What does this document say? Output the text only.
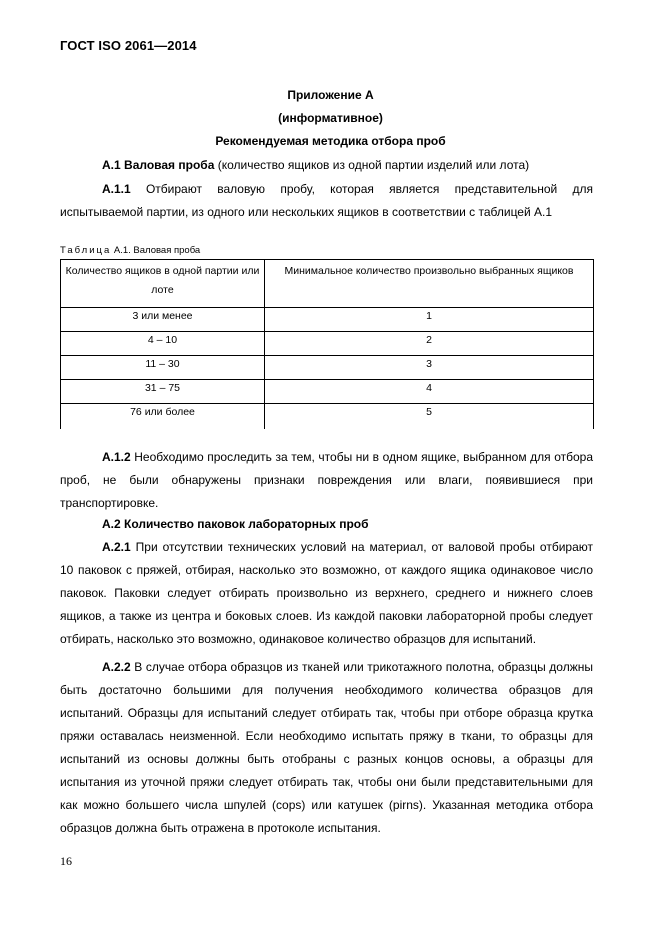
ГОСТ ISO 2061—2014
Приложение А
(информативное)
Рекомендуемая методика отбора проб
А.1 Валовая проба (количество ящиков из одной партии изделий или лота)
А.1.1 Отбирают валовую пробу, которая является представительной для испытываемой партии, из одного или нескольких ящиков в соответствии с таблицей А.1
Таблица А.1. Валовая проба
Количество ящиков в одной партии или лоте	Минимальное количество произвольно выбранных ящиков
3 или менее	1
4 – 10	2
11 – 30	3
31 – 75	4
76 или более	5
А.1.2 Необходимо проследить за тем, чтобы ни в одном ящике, выбранном для отбора проб, не были обнаружены признаки повреждения или влаги, появившиеся при транспортировке.
А.2 Количество паковок лабораторных проб
А.2.1 При отсутствии технических условий на материал, от валовой пробы отбирают 10 паковок с пряжей, отбирая, насколько это возможно, от каждого ящика одинаковое число паковок. Паковки следует отбирать произвольно из верхнего, среднего и нижнего слоев ящиков, а также из центра и боковых слоев. Из каждой паковки лабораторной пробы следует отбирать, насколько это возможно, одинаковое количество образцов для испытаний.
А.2.2 В случае отбора образцов из тканей или трикотажного полотна, образцы должны быть достаточно большими для получения необходимого количества образцов для испытаний. Образцы для испытаний следует отбирать так, чтобы при отборе образца крутка пряжи оставалась неизменной. Если необходимо испытать пряжу в ткани, то образцы для испытаний из основы должны быть отобраны с разных концов основы, а образцы для испытания из уточной пряжи следует отбирать так, чтобы они были представительными для как можно большего числа шпулей (cops) или катушек (pirns). Указанная методика отбора образцов должна быть отражена в протоколе испытания.
16
